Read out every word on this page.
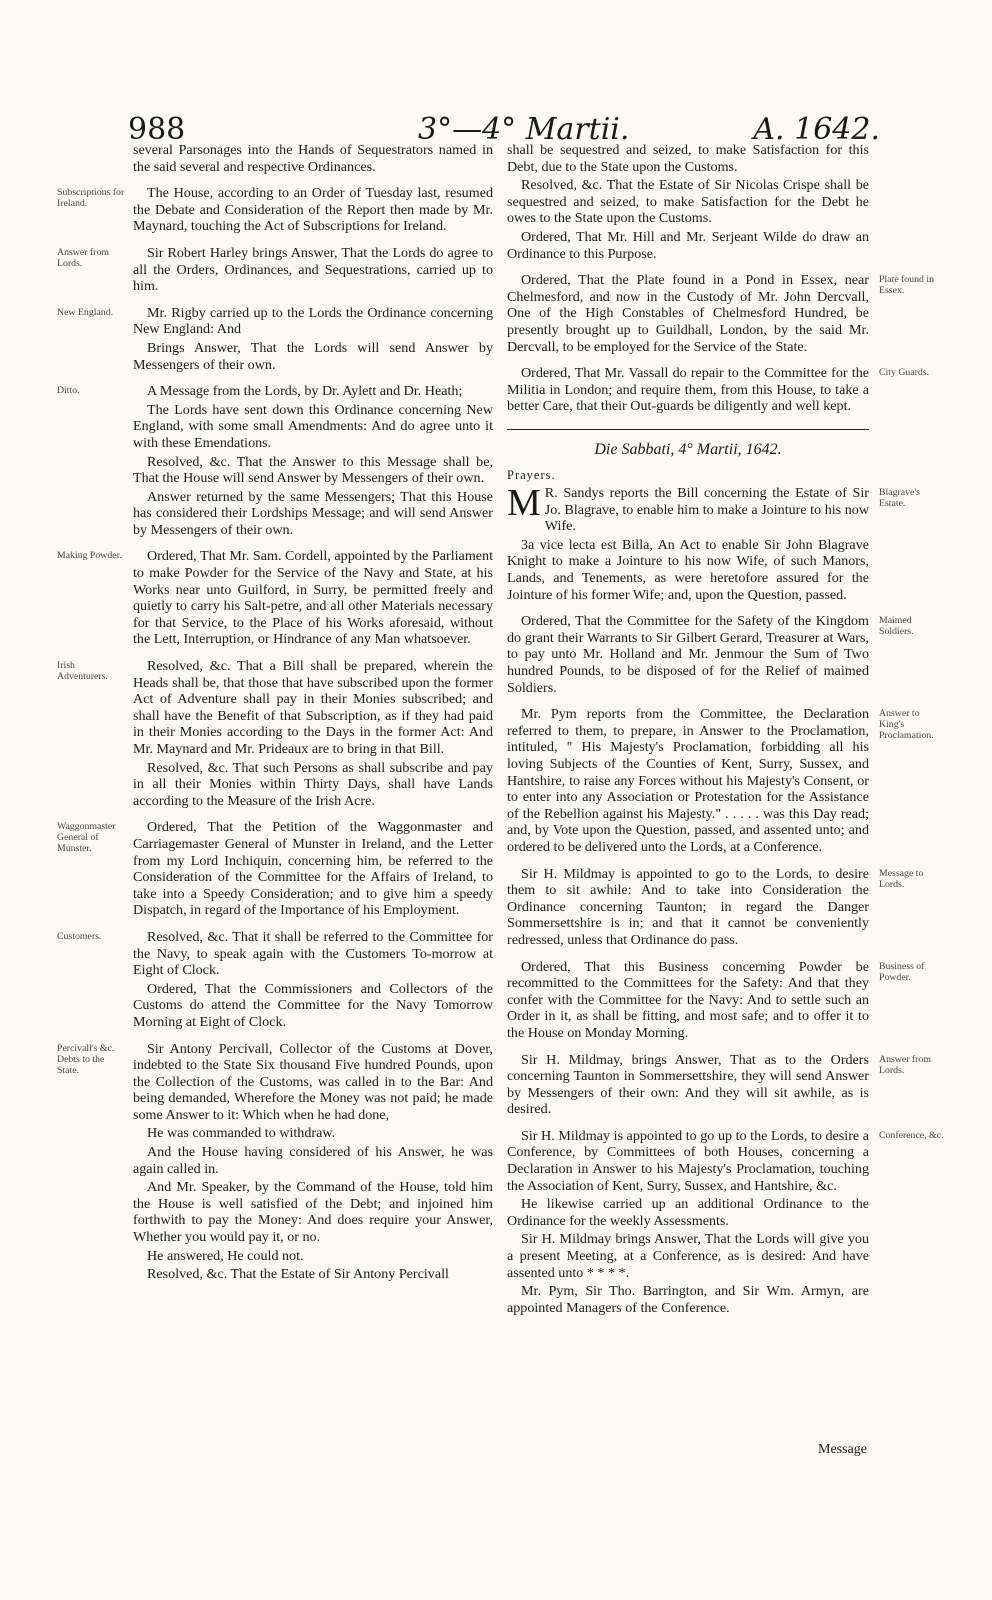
988	3°—4° Martii.	A. 1642.
several Parsonages into the Hands of Sequestrators named in the said several and respective Ordinances.
Subscriptions for Ireland.
The House, according to an Order of Tuesday last, resumed the Debate and Consideration of the Report then made by Mr. Maynard, touching the Act of Subscriptions for Ireland.
Answer from Lords.
Sir Robert Harley brings Answer, That the Lords do agree to all the Orders, Ordinances, and Sequestrations, carried up to him.
New England.	Mr. Rigby carried up to the Lords the Ordinance concerning New England: And
Brings Answer, That the Lords will send Answer by Messengers of their own.
Ditto.	A Message from the Lords, by Dr. Aylett and Dr. Heath;
The Lords have sent down this Ordinance concerning New England, with some small Amendments: And do agree unto it with these Emendations.
Resolved, &c. That the Answer to this Message shall be, That the House will send Answer by Messengers of their own.
Answer returned by the same Messengers; That this House has considered their Lordships Message; and will send Answer by Messengers of their own.
Making Powder. Ordered, That Mr. Sam. Cordell, appointed by the Parliament to make Powder for the Service of the Navy and State, at his Works near unto Guilford, in Surry, be permitted freely and quietly to carry his Salt-petre, and all other Materials necessary for that Service, to the Place of his Works aforesaid, without the Lett, Interruption, or Hindrance of any Man whatsoever.
Irish Adventurers.
Resolved, &c. That a Bill shall be prepared, wherein the Heads shall be, that those that have subscribed upon the former Act of Adventure shall pay in their Monies subscribed; and shall have the Benefit of that Subscription, as if they had paid in their Monies according to the Days in the former Act: And Mr. Maynard and Mr. Prideaux are to bring in that Bill.
Resolved, &c. That such Persons as shall subscribe and pay in all their Monies within Thirty Days, shall have Lands according to the Measure of the Irish Acre.
Waggonmaster General of Munster.
Ordered, That the Petition of the Waggonmaster and Carriagemaster General of Munster in Ireland, and the Letter from my Lord Inchiquin, concerning him, be referred to the Consideration of the Committee for the Affairs of Ireland, to take into a Speedy Consideration; and to give him a speedy Dispatch, in regard of the Importance of his Employment.
Customers.	Resolved, &c. That it shall be referred to the Committee for the Navy, to speak again with the Customers To-morrow at Eight of Clock.
Ordered, That the Commissioners and Collectors of the Customs do attend the Committee for the Navy Tomorrow Morning at Eight of Clock.
Percivall's &c. Debts to the State.
Sir Antony Percivall, Collector of the Customs at Dover, indebted to the State Six thousand Five hundred Pounds, upon the Collection of the Customs, was called in to the Bar: And being demanded, Wherefore the Money was not paid; he made some Answer to it: Which when he had done,
He was commanded to withdraw.
And the House having considered of his Answer, he was again called in.
And Mr. Speaker, by the Command of the House, told him the House is well satisfied of the Debt; and injoined him forthwith to pay the Money: And does require your Answer, Whether you would pay it, or no.
He answered, He could not.
Resolved, &c. That the Estate of Sir Antony Percivall
shall be sequestred and seized, to make Satisfaction for this Debt, due to the State upon the Customs.
Resolved, &c. That the Estate of Sir Nicolas Crispe shall be sequestred and seized, to make Satisfaction for the Debt he owes to the State upon the Customs.
Ordered, That Mr. Hill and Mr. Serjeant Wilde do draw an Ordinance to this Purpose.
Plate found in Essex.
Ordered, That the Plate found in a Pond in Essex, near Chelmesford, and now in the Custody of Mr. John Dercvall, One of the High Constables of Chelmesford Hundred, be presently brought up to Guildhall, London, by the said Mr. Dercvall, to be employed for the Service of the State.
City Guards.
Ordered, That Mr. Vassall do repair to the Committee for the Militia in London; and require them, from this House, to take a better Care, that their Out-guards be diligently and well kept.
Die Sabbati, 4° Martii, 1642.
Prayers.
Blagrave's Estate.
M R. Sandys reports the Bill concerning the Estate of Sir Jo. Blagrave, to enable him to make a Jointure to his now Wife.
3a vice lecta est Billa, An Act to enable Sir John Blagrave Knight to make a Jointure to his now Wife, of such Manors, Lands, and Tenements, as were heretofore assured for the Jointure of his former Wife; and, upon the Question, passed.
Maimed Soldiers.
Ordered, That the Committee for the Safety of the Kingdom do grant their Warrants to Sir Gilbert Gerard, Treasurer at Wars, to pay unto Mr. Holland and Mr. Jenmour the Sum of Two hundred Pounds, to be disposed of for the Relief of maimed Soldiers.
Answer to King's Proclamation.
Mr. Pym reports from the Committee, the Declaration referred to them, to prepare, in Answer to the Proclamation, intituled, " His Majesty's Proclamation, forbidding all his loving Subjects of the Counties of Kent, Surry, Sussex, and Hantshire, to raise any Forces without his Majesty's Consent, or to enter into any Association or Protestation for the Assistance of the Rebellion against his Majesty." . . . . . was this Day read; and, by Vote upon the Question, passed, and assented unto; and ordered to be delivered unto the Lords, at a Conference.
Message to Lords.
Sir H. Mildmay is appointed to go to the Lords, to desire them to sit awhile: And to take into Consideration the Ordinance concerning Taunton; in regard the Danger Sommersettshire is in; and that it cannot be conveniently redressed, unless that Ordinance do pass.
Business of Powder.
Ordered, That this Business concerning Powder be recommitted to the Committees for the Safety: And that they confer with the Committee for the Navy: And to settle such an Order in it, as shall be fitting, and most safe; and to offer it to the House on Monday Morning.
Answer from Lords.
Sir H. Mildmay, brings Answer, That as to the Orders concerning Taunton in Sommersettshire, they will send Answer by Messengers of their own: And they will sit awhile, as is desired.
Conference, &c.
Sir H. Mildmay is appointed to go up to the Lords, to desire a Conference, by Committees of both Houses, concerning a Declaration in Answer to his Majesty's Proclamation, touching the Association of Kent, Surry, Sussex, and Hantshire, &c.
He likewise carried up an additional Ordinance to the Ordinance for the weekly Assessments.
Sir H. Mildmay brings Answer, That the Lords will give you a present Meeting, at a Conference, as is desired: And have assented unto * * * *.
Mr. Pym, Sir Tho. Barrington, and Sir Wm. Armyn, are appointed Managers of the Conference.
Message
